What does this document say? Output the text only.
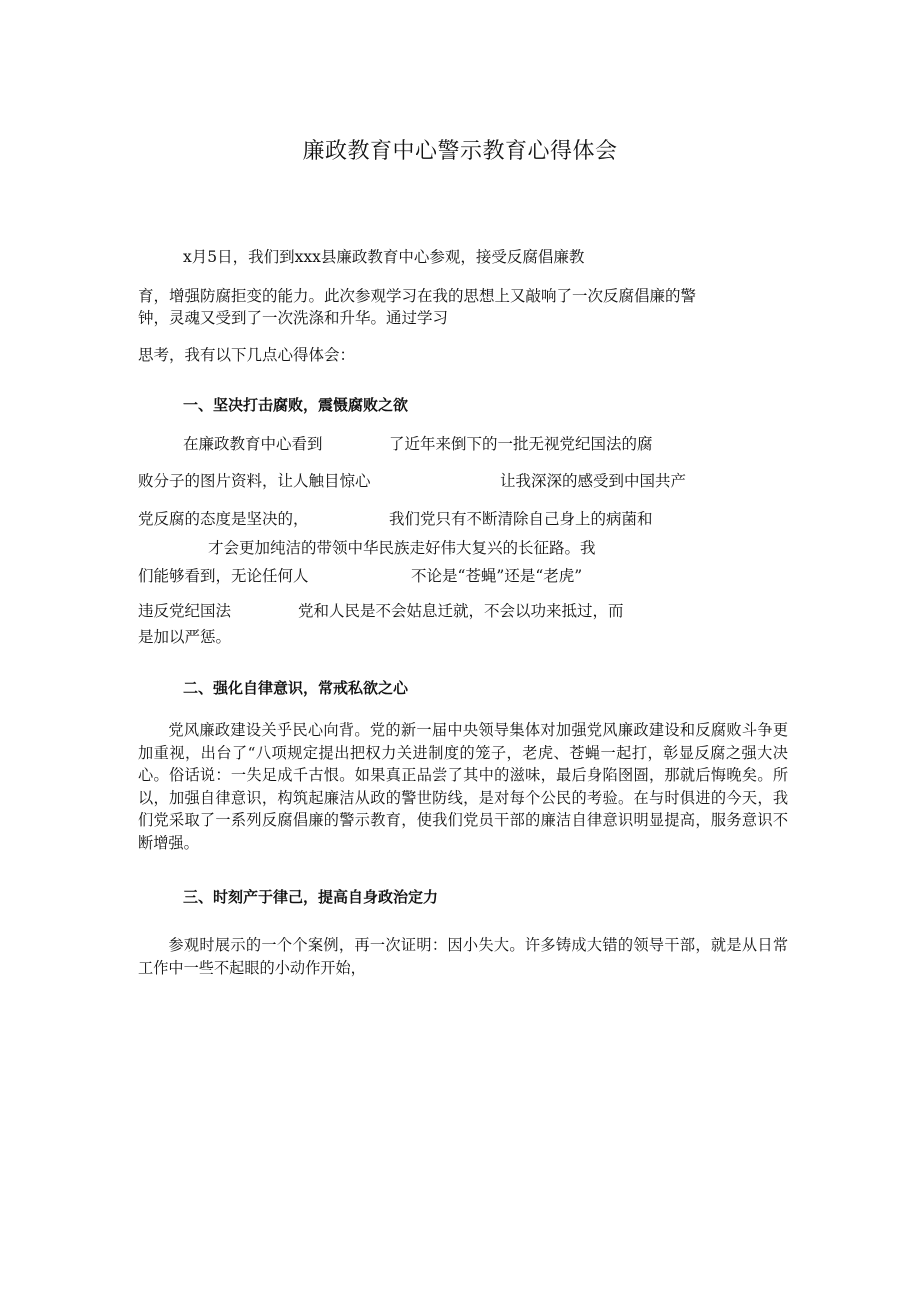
廉政教育中心警示教育心得体会
x月5日，我们到xxx县廉政教育中心参观，接受反腐倡廉教
育，增强防腐拒变的能力。此次参观学习在我的思想上又敲响了一次反腐倡廉的警
钟，灵魂又受到了一次洗涤和升华。通过学习
思考，我有以下几点心得体会：
一、坚决打击腐败，震慑腐败之欲
在廉政教育中心看到	了近年来倒下的一批无视党纪国法的腐
败分子的图片资料，让人触目惊心	让我深深的感受到中国共产
党反腐的态度是坚决的，	我们党只有不断清除自己身上的病菌和
才会更加纯洁的带领中华民族走好伟大复兴的长征路。我
们能够看到，无论任何人	不论是“苍蝇”还是“老虎”
违反党纪国法	党和人民是不会姑息迁就，不会以功来抵过，而
是加以严惩。
二、强化自律意识，常戒私欲之心
党风廉政建设关乎民心向背。党的新一届中央领导集体对加强党风廉政建设和反腐败斗争更加重视，出台了“八项规定提出把权力关进制度的笼子，老虎、苍蝇一起打，彰显反腐之强大决心。俗话说：一失足成千古恨。如果真正品尝了其中的滋味，最后身陷囹圄，那就后悔晚矣。所以，加强自律意识，构筑起廉洁从政的警世防线，是对每个公民的考验。在与时俱进的今天，我们党采取了一系列反腐倡廉的警示教育，使我们党员干部的廉洁自律意识明显提高，服务意识不断增强。
三、时刻产于律己，提高自身政治定力
参观时展示的一个个案例，再一次证明：因小失大。许多铸成大错的领导干部，就是从日常工作中一些不起眼的小动作开始，
